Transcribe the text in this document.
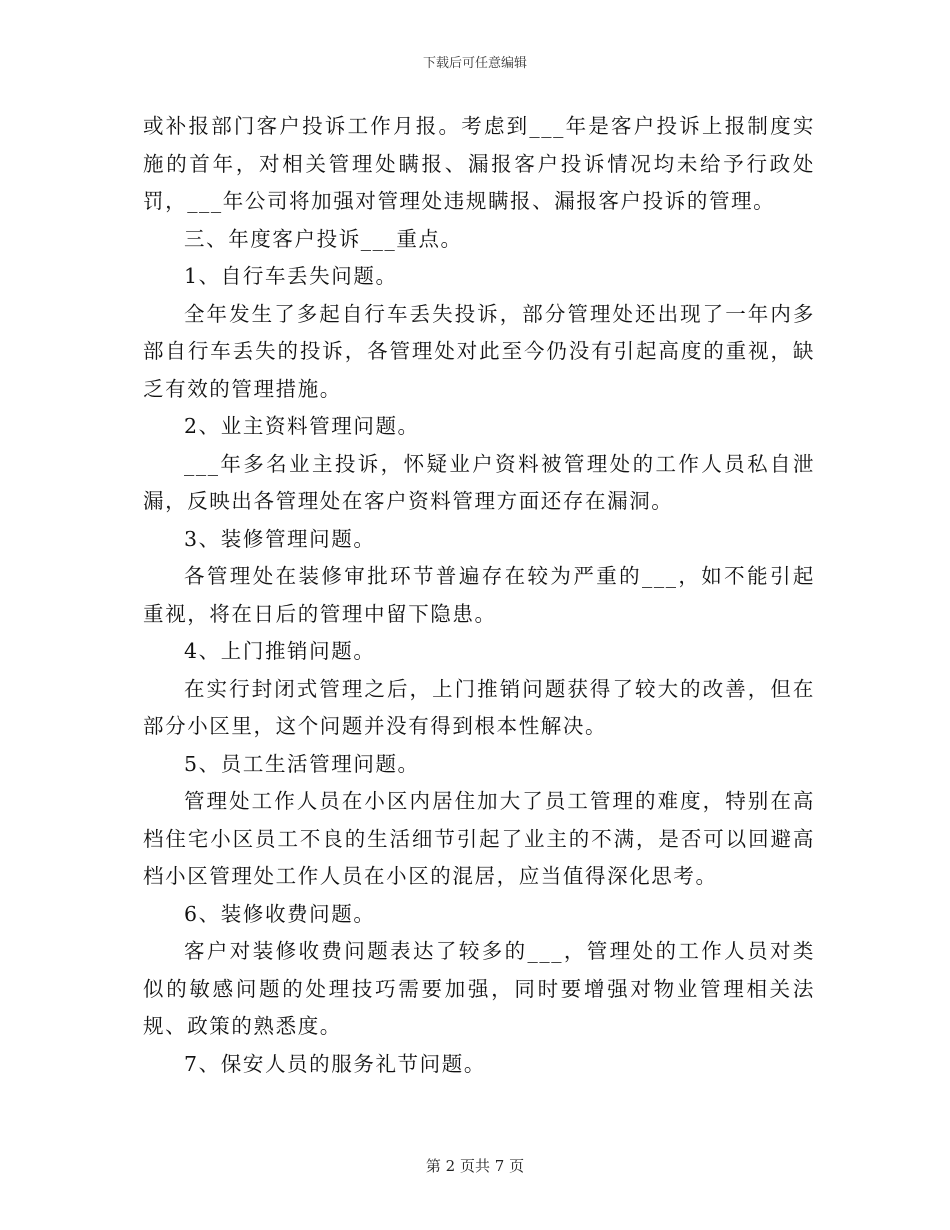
下载后可任意编辑

或补报部门客户投诉工作月报。考虑到___年是客户投诉上报制度实施的首年，对相关管理处瞒报、漏报客户投诉情况均未给予行政处罚，___年公司将加强对管理处违规瞒报、漏报客户投诉的管理。

三、年度客户投诉___重点。

1、自行车丢失问题。

全年发生了多起自行车丢失投诉，部分管理处还出现了一年内多部自行车丢失的投诉，各管理处对此至今仍没有引起高度的重视，缺乏有效的管理措施。

2、业主资料管理问题。

___年多名业主投诉，怀疑业户资料被管理处的工作人员私自泄漏，反映出各管理处在客户资料管理方面还存在漏洞。

3、装修管理问题。

各管理处在装修审批环节普遍存在较为严重的___，如不能引起重视，将在日后的管理中留下隐患。

4、上门推销问题。

在实行封闭式管理之后，上门推销问题获得了较大的改善，但在部分小区里，这个问题并没有得到根本性解决。

5、员工生活管理问题。

管理处工作人员在小区内居住加大了员工管理的难度，特别在高档住宅小区员工不良的生活细节引起了业主的不满，是否可以回避高档小区管理处工作人员在小区的混居，应当值得深化思考。

6、装修收费问题。

客户对装修收费问题表达了较多的___，管理处的工作人员对类似的敏感问题的处理技巧需要加强，同时要增强对物业管理相关法规、政策的熟悉度。

7、保安人员的服务礼节问题。

第 2 页共 7 页
